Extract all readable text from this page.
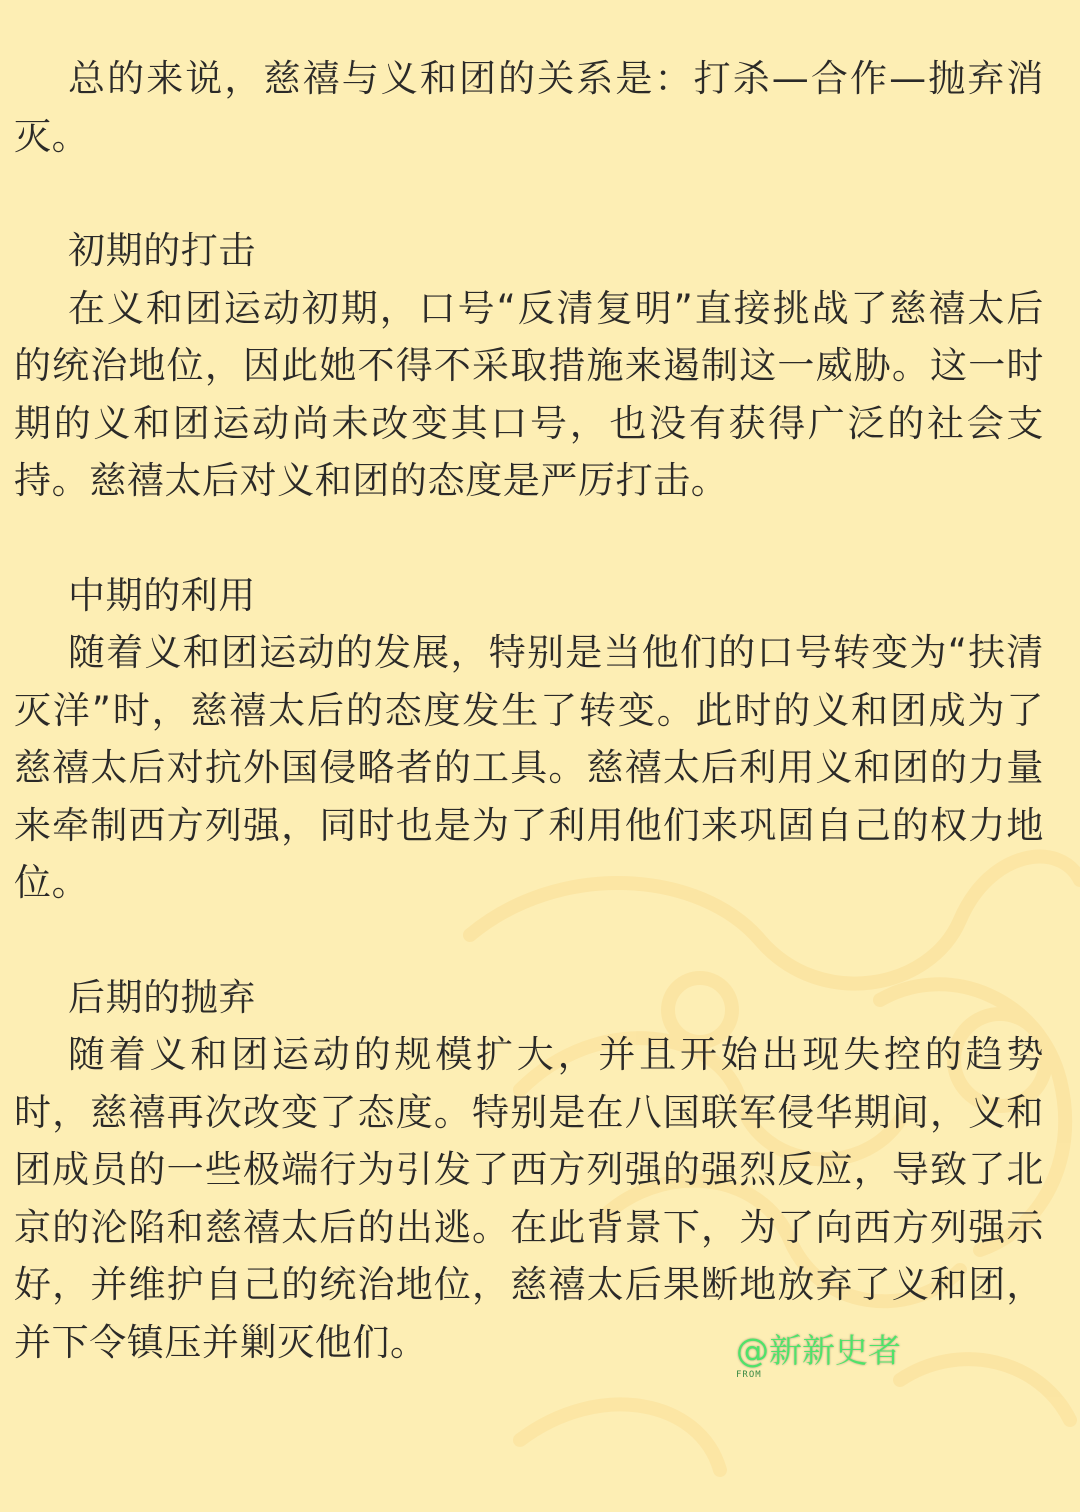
总的来说，慈禧与义和团的关系是：打杀—合作—抛弃消灭。

初期的打击

在义和团运动初期，口号“反清复明”直接挑战了慈禧太后的统治地位，因此她不得不采取措施来遏制这一威胁。这一时期的义和团运动尚未改变其口号，也没有获得广泛的社会支持。慈禧太后对义和团的态度是严厉打击。

中期的利用

随着义和团运动的发展，特别是当他们的口号转变为“扶清灭洋”时，慈禧太后的态度发生了转变。此时的义和团成为了慈禧太后对抗外国侵略者的工具。慈禧太后利用义和团的力量来牵制西方列强，同时也是为了利用他们来巩固自己的权力地位。

后期的抛弃

随着义和团运动的规模扩大，并且开始出现失控的趋势时，慈禧再次改变了态度。特别是在八国联军侵华期间，义和团成员的一些极端行为引发了西方列强的强烈反应，导致了北京的沦陷和慈禧太后的出逃。在此背景下，为了向西方列强示好，并维护自己的统治地位，慈禧太后果断地放弃了义和团，并下令镇压并剿灭他们。	@新新史者
FROM
